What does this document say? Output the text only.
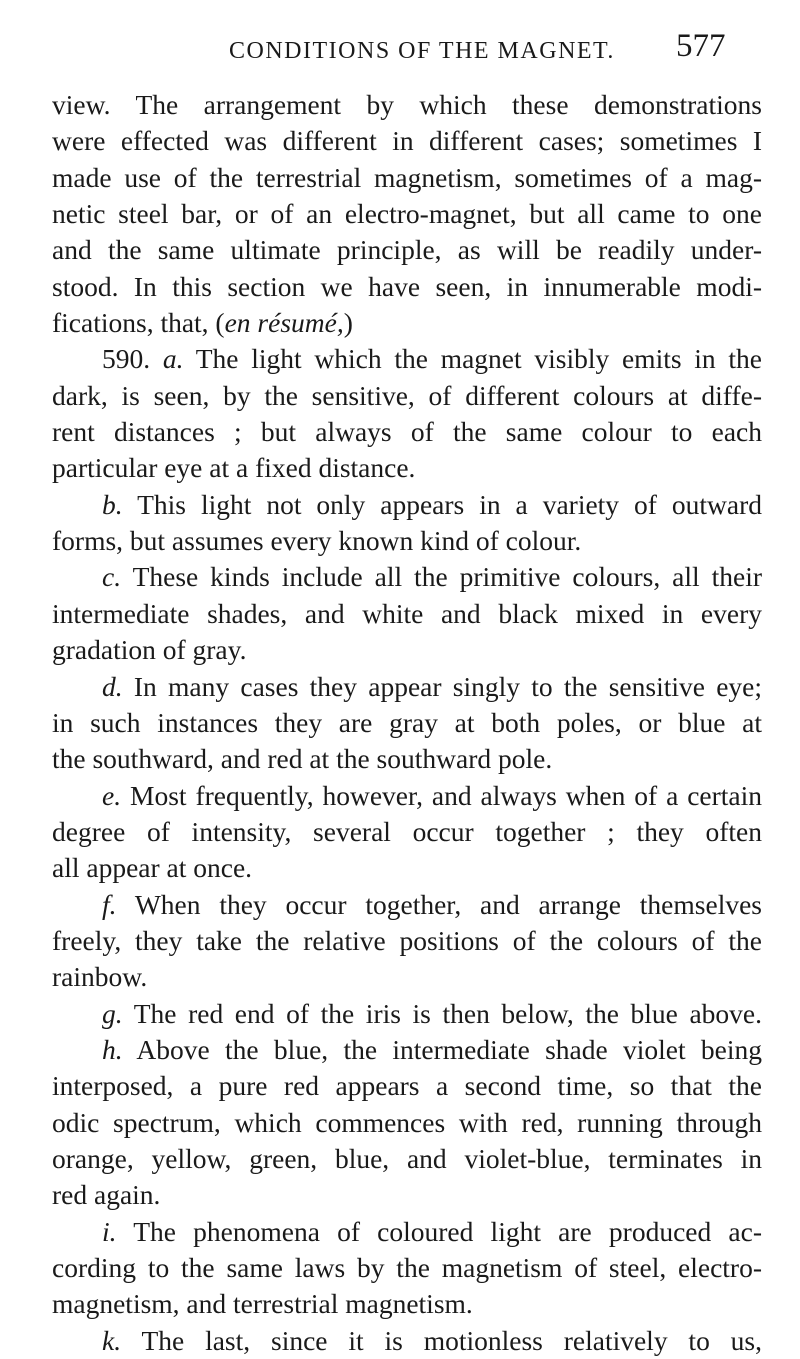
CONDITIONS OF THE MAGNET. 577
view. The arrangement by which these demonstrations
were effected was different in different cases; sometimes I
made use of the terrestrial magnetism, sometimes of a mag-
netic steel bar, or of an electro-magnet, but all came to one
and the same ultimate principle, as will be readily under-
stood. In this section we have seen, in innumerable modi-
fications, that, (en résumé,)
590. a. The light which the magnet visibly emits in the
dark, is seen, by the sensitive, of different colours at diffe-
rent distances ; but always of the same colour to each
particular eye at a fixed distance.
b. This light not only appears in a variety of outward
forms, but assumes every known kind of colour.
c. These kinds include all the primitive colours, all their
intermediate shades, and white and black mixed in every
gradation of gray.
d. In many cases they appear singly to the sensitive eye;
in such instances they are gray at both poles, or blue at
the southward, and red at the southward pole.
e. Most frequently, however, and always when of a certain
degree of intensity, several occur together ; they often
all appear at once.
f. When they occur together, and arrange themselves
freely, they take the relative positions of the colours of the
rainbow.
g. The red end of the iris is then below, the blue above.
h. Above the blue, the intermediate shade violet being
interposed, a pure red appears a second time, so that the
odic spectrum, which commences with red, running through
orange, yellow, green, blue, and violet-blue, terminates in
red again.
i. The phenomena of coloured light are produced ac-
cording to the same laws by the magnetism of steel, electro-
magnetism, and terrestrial magnetism.
k. The last, since it is motionless relatively to us,
